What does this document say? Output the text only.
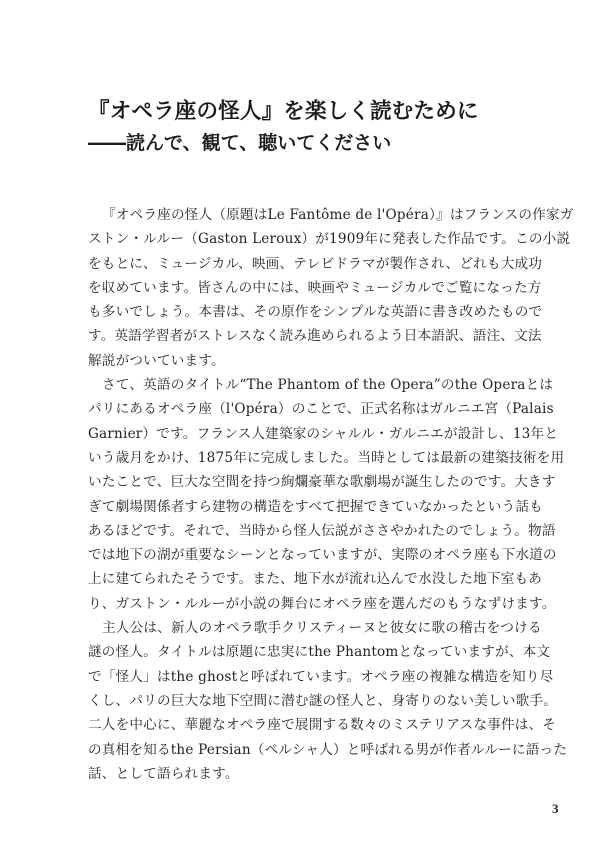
『オペラ座の怪人』を楽しく読むために
――読んで、観て、聴いてください

『オペラ座の怪人（原題はLe Fantôme de l'Opéra）』はフランスの作家ガ
ストン・ルルー（Gaston Leroux）が1909年に発表した作品です。この小説
をもとに、ミュージカル、映画、テレビドラマが製作され、どれも大成功
を収めています。皆さんの中には、映画やミュージカルでご覧になった方
も多いでしょう。本書は、その原作をシンプルな英語に書き改めたもので
す。英語学習者がストレスなく読み進められるよう日本語訳、語注、文法
解説がついています。

さて、英語のタイトル“The Phantom of the Opera”のthe Operaとは
パリにあるオペラ座（l'Opéra）のことで、正式名称はガルニエ宮（Palais
Garnier）です。フランス人建築家のシャルル・ガルニエが設計し、13年と
いう歳月をかけ、1875年に完成しました。当時としては最新の建築技術を用
いたことで、巨大な空間を持つ絢爛豪華な歌劇場が誕生したのです。大きす
ぎて劇場関係者すら建物の構造をすべて把握できていなかったという話も
あるほどです。それで、当時から怪人伝説がささやかれたのでしょう。物語
では地下の湖が重要なシーンとなっていますが、実際のオペラ座も下水道の
上に建てられたそうです。また、地下水が流れ込んで水没した地下室もあ
り、ガストン・ルルーが小説の舞台にオペラ座を選んだのもうなずけます。

主人公は、新人のオペラ歌手クリスティーヌと彼女に歌の稽古をつける
謎の怪人。タイトルは原題に忠実にthe Phantomとなっていますが、本文
で「怪人」はthe ghostと呼ばれています。オペラ座の複雑な構造を知り尽
くし、パリの巨大な地下空間に潜む謎の怪人と、身寄りのない美しい歌手。
二人を中心に、華麗なオペラ座で展開する数々のミステリアスな事件は、そ
の真相を知るthe Persian（ペルシャ人）と呼ばれる男が作者ルルーに語った
話、として語られます。

3
